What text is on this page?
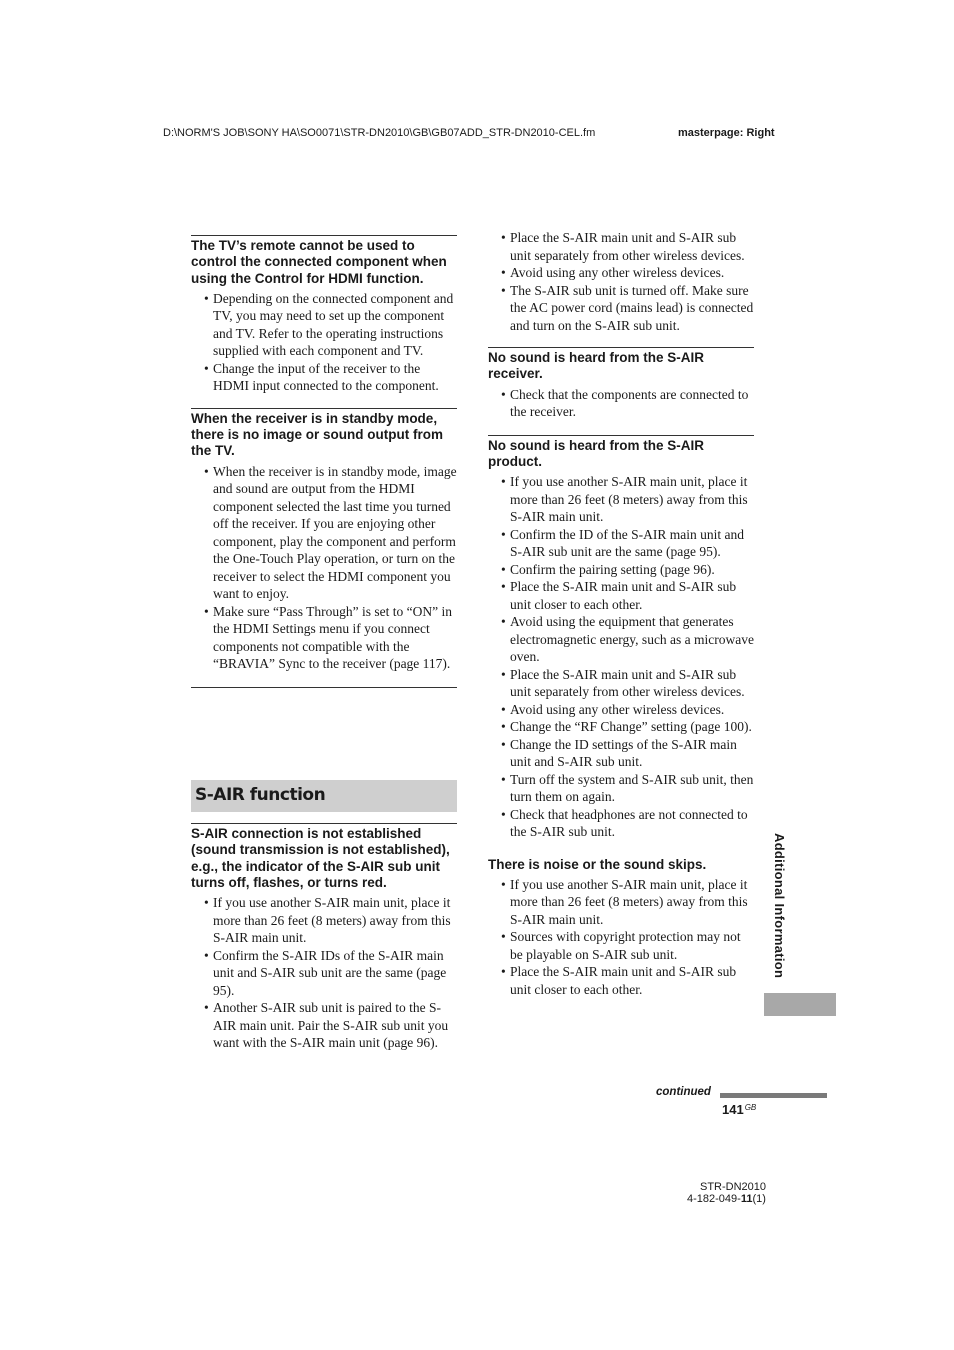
D:\NORM'S JOB\SONY HA\SO0071\STR-DN2010\GB\GB07ADD_STR-DN2010-CEL.fm	masterpage: Right
The TV’s remote cannot be used to control the connected component when using the Control for HDMI function.
• Depending on the connected component and TV, you may need to set up the component and TV. Refer to the operating instructions supplied with each component and TV.
• Change the input of the receiver to the HDMI input connected to the component.
When the receiver is in standby mode, there is no image or sound output from the TV.
• When the receiver is in standby mode, image and sound are output from the HDMI component selected the last time you turned off the receiver. If you are enjoying other component, play the component and perform the One-Touch Play operation, or turn on the receiver to select the HDMI component you want to enjoy.
• Make sure “Pass Through” is set to “ON” in the HDMI Settings menu if you connect components not compatible with the “BRAVIA” Sync to the receiver (page 117).
S-AIR function
S-AIR connection is not established (sound transmission is not established), e.g., the indicator of the S-AIR sub unit turns off, flashes, or turns red.
• If you use another S-AIR main unit, place it more than 26 feet (8 meters) away from this S-AIR main unit.
• Confirm the S-AIR IDs of the S-AIR main unit and S-AIR sub unit are the same (page 95).
• Another S-AIR sub unit is paired to the S-AIR main unit. Pair the S-AIR sub unit you want with the S-AIR main unit (page 96).
• Place the S-AIR main unit and S-AIR sub unit separately from other wireless devices.
• Avoid using any other wireless devices.
• The S-AIR sub unit is turned off. Make sure the AC power cord (mains lead) is connected and turn on the S-AIR sub unit.
No sound is heard from the S-AIR receiver.
• Check that the components are connected to the receiver.
No sound is heard from the S-AIR product.
• If you use another S-AIR main unit, place it more than 26 feet (8 meters) away from this S-AIR main unit.
• Confirm the ID of the S-AIR main unit and S-AIR sub unit are the same (page 95).
• Confirm the pairing setting (page 96).
• Place the S-AIR main unit and S-AIR sub unit closer to each other.
• Avoid using the equipment that generates electromagnetic energy, such as a microwave oven.
• Place the S-AIR main unit and S-AIR sub unit separately from other wireless devices.
• Avoid using any other wireless devices.
• Change the “RF Change” setting (page 100).
• Change the ID settings of the S-AIR main unit and S-AIR sub unit.
• Turn off the system and S-AIR sub unit, then turn them on again.
• Check that headphones are not connected to the S-AIR sub unit.
There is noise or the sound skips.
• If you use another S-AIR main unit, place it more than 26 feet (8 meters) away from this S-AIR main unit.
• Sources with copyright protection may not be playable on S-AIR sub unit.
• Place the S-AIR main unit and S-AIR sub unit closer to each other.
Additional Information
continued
$141^{GB}$
STR-DN2010
4-182-049-11(1)
